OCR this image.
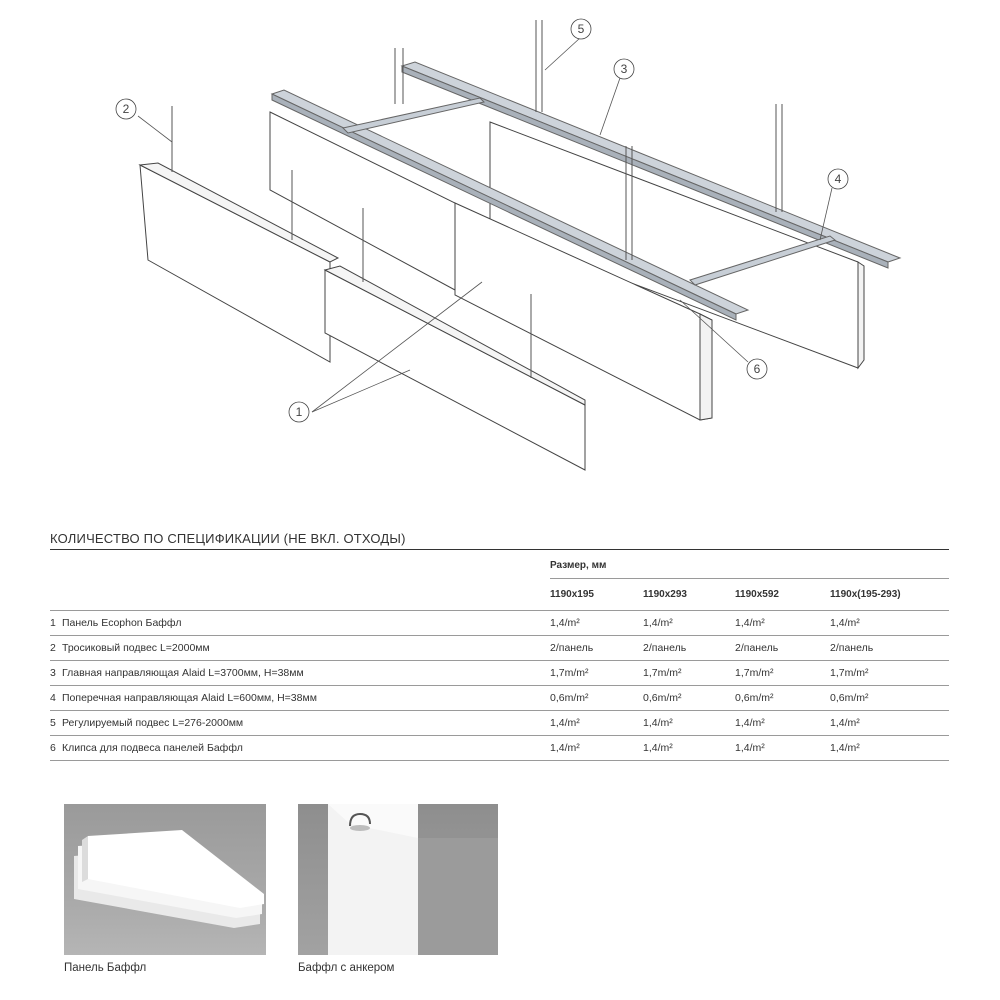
2
5
3
4
6
1
КОЛИЧЕСТВО ПО СПЕЦИФИКАЦИИ (НЕ ВКЛ. ОТХОДЫ)
	Размер, мм			
	1190x195	1190x293	1190x592	1190x(195-293)
1 Панель Ecophon Баффл	1,4/m²	1,4/m²	1,4/m²	1,4/m²
2 Тросиковый подвес L=2000мм	2/панель	2/панель	2/панель	2/панель
3 Главная направляющая Alaid L=3700мм, H=38мм	1,7m/m²	1,7m/m²	1,7m/m²	1,7m/m²
4 Поперечная направляющая Alaid L=600мм, H=38мм	0,6m/m²	0,6m/m²	0,6m/m²	0,6m/m²
5 Регулируемый подвес L=276-2000мм	1,4/m²	1,4/m²	1,4/m²	1,4/m²
6 Клипса для подвеса панелей Баффл	1,4/m²	1,4/m²	1,4/m²	1,4/m²
Панель Баффл	Баффл с анкером
